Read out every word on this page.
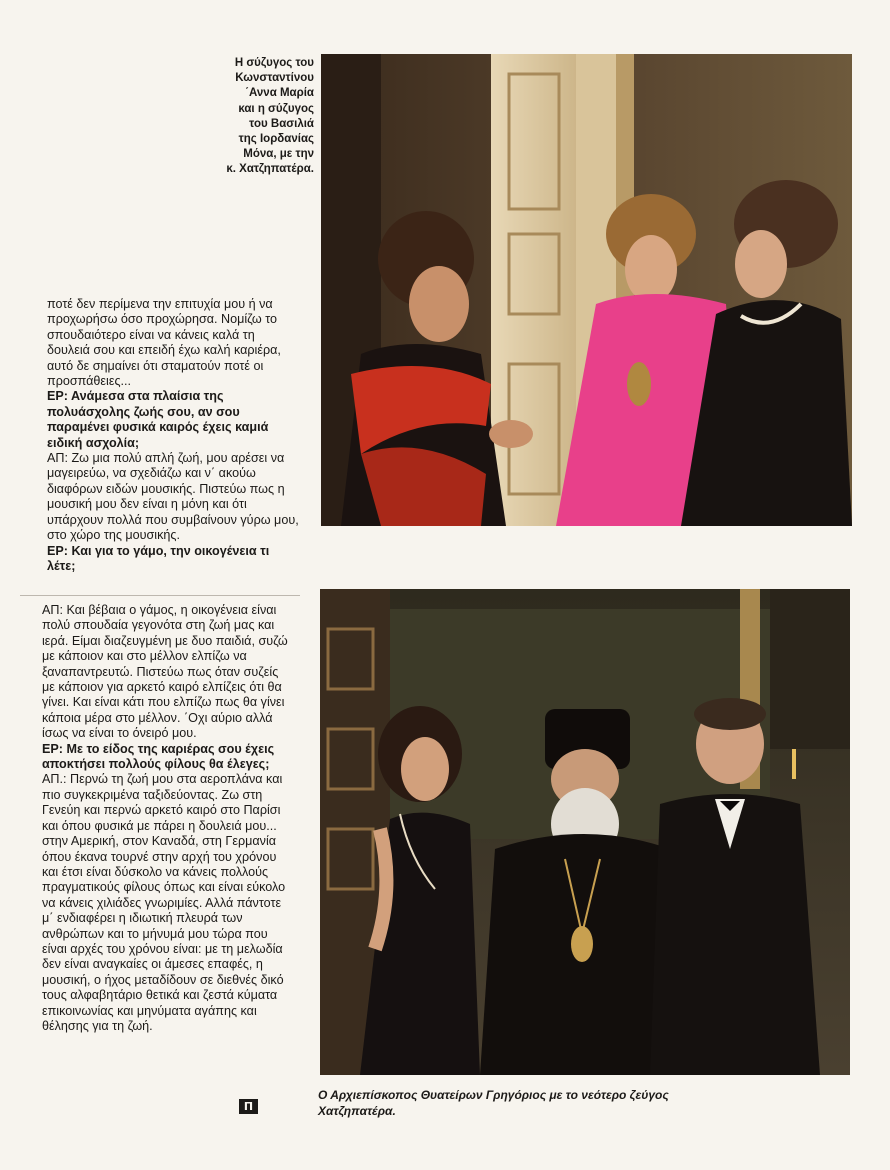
Η σύζυγος του
Κωνσταντίνου
΄Αννα Μαρία
και η σύζυγος
του Βασιλιά
της Ιορδανίας
Μόνα, με την
κ. Χατζηπατέρα.

ποτέ δεν περίμενα την επιτυχία μου ή να προχωρήσω όσο προχώρησα. Νομίζω το σπουδαιότερο είναι να κάνεις καλά τη δουλειά σου και επειδή έχω καλή καριέρα, αυτό δε σημαίνει ότι σταματούν ποτέ οι προσπάθειες...

ΕΡ: Ανάμεσα στα πλαίσια της πολυάσχολης ζωής σου, αν σου παραμένει φυσικά καιρός έχεις καμιά ειδική ασχολία;

ΑΠ: Ζω μια πολύ απλή ζωή, μου αρέσει να μαγειρεύω, να σχεδιάζω και ν΄ ακούω διαφόρων ειδών μουσικής. Πιστεύω πως η μουσική μου δεν είναι η μόνη και ότι υπάρχουν πολλά που συμβαίνουν γύρω μου, στο χώρο της μουσικής.

ΕΡ: Και για το γάμο, την οικογένεια τι λέτε;

ΑΠ: Και βέβαια ο γάμος, η οικογένεια είναι πολύ σπουδαία γεγονότα στη ζωή μας και ιερά. Είμαι διαζευγμένη με δυο παιδιά, συζώ με κάποιον και στο μέλλον ελπίζω να ξαναπαντρευτώ. Πιστεύω πως όταν συζείς με κάποιον για αρκετό καιρό ελπίζεις ότι θα γίνει. Και είναι κάτι που ελπίζω πως θα γίνει κάποια μέρα στο μέλλον. ΄Οχι αύριο αλλά ίσως να είναι το όνειρό μου.

ΕΡ: Με το είδος της καριέρας σου έχεις αποκτήσει πολλούς φίλους θα έλεγες;

ΑΠ.: Περνώ τη ζωή μου στα αεροπλάνα και πιο συγκεκριμένα ταξιδεύοντας. Ζω στη Γενεύη και περνώ αρκετό καιρό στο Παρίσι και όπου φυσικά με πάρει η δουλειά μου... στην Αμερική, στον Καναδά, στη Γερμανία όπου έκανα τουρνέ στην αρχή του χρόνου και έτσι είναι δύσκολο να κάνεις πολλούς πραγματικούς φίλους όπως και είναι εύκολο να κάνεις χιλιάδες γνωριμίες. Αλλά πάντοτε μ΄ ενδιαφέρει η ιδιωτική πλευρά των ανθρώπων και το μήνυμά μου τώρα που είναι αρχές του χρόνου είναι: με τη μελωδία δεν είναι αναγκαίες οι άμεσες επαφές, η μουσική, ο ήχος μεταδίδουν σε διεθνές δικό τους αλφαβητάριο θετικά και ζεστά κύματα επικοινωνίας και μηνύματα αγάπης και θέλησης για τη ζωή.

Ο Αρχιεπίσκοπος Θυατείρων Γρηγόριος με το νεότερο ζεύγος Χατζηπατέρα.
Π
